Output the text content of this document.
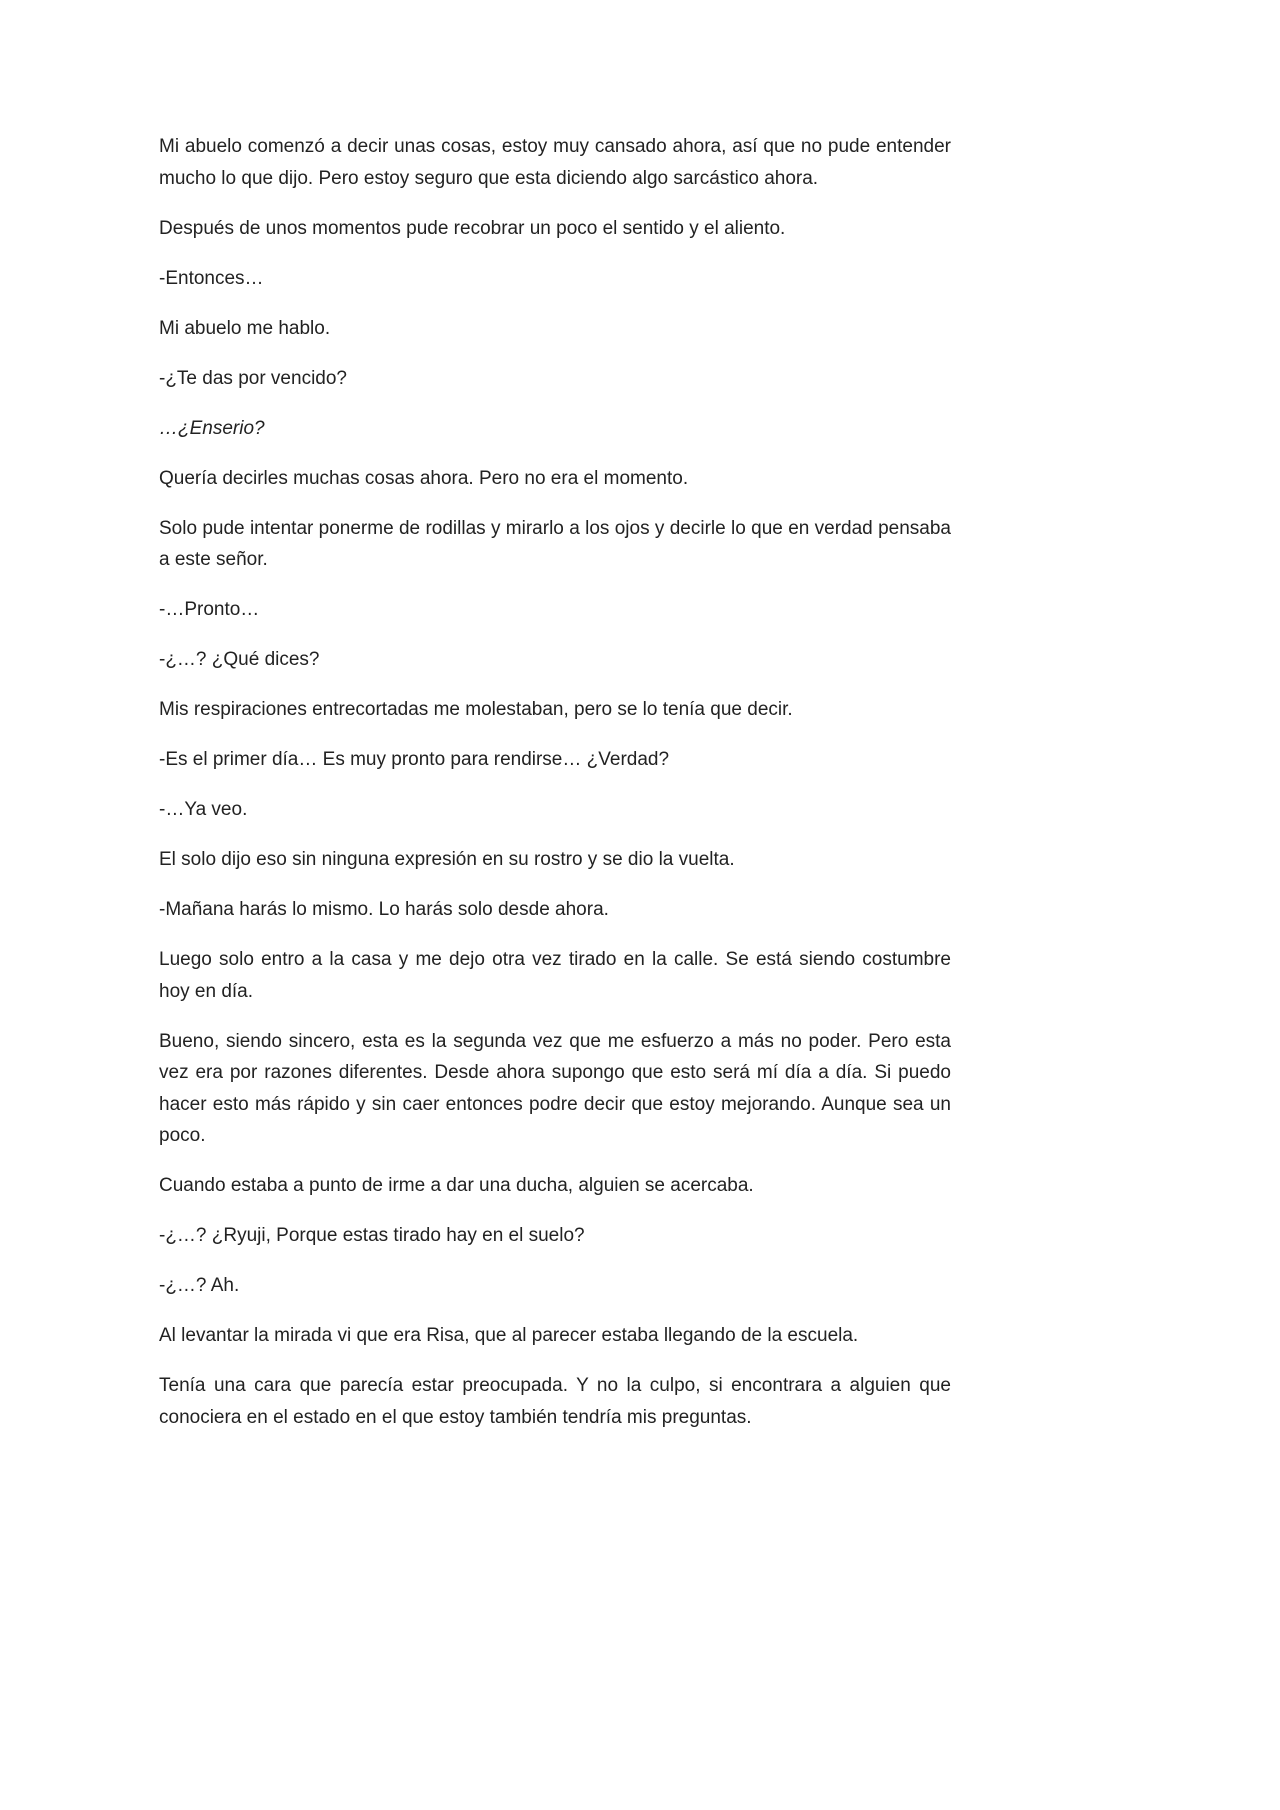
Mi abuelo comenzó a decir unas cosas, estoy muy cansado ahora, así que no pude entender mucho lo que dijo. Pero estoy seguro que esta diciendo algo sarcástico ahora.

Después de unos momentos pude recobrar un poco el sentido y el aliento.

-Entonces…

Mi abuelo me hablo.

-¿Te das por vencido?

…¿Enserio?

Quería decirles muchas cosas ahora. Pero no era el momento.

Solo pude intentar ponerme de rodillas y mirarlo a los ojos y decirle lo que en verdad pensaba a este señor.

-…Pronto…

-¿…? ¿Qué dices?

Mis respiraciones entrecortadas me molestaban, pero se lo tenía que decir.

-Es el primer día… Es muy pronto para rendirse… ¿Verdad?

-…Ya veo.

El solo dijo eso sin ninguna expresión en su rostro y se dio la vuelta.

-Mañana harás lo mismo. Lo harás solo desde ahora.

Luego solo entro a la casa y me dejo otra vez tirado en la calle. Se está siendo costumbre hoy en día.

Bueno, siendo sincero, esta es la segunda vez que me esfuerzo a más no poder. Pero esta vez era por razones diferentes. Desde ahora supongo que esto será mí día a día. Si puedo hacer esto más rápido y sin caer entonces podre decir que estoy mejorando. Aunque sea un poco.

Cuando estaba a punto de irme a dar una ducha, alguien se acercaba.

-¿…? ¿Ryuji, Porque estas tirado hay en el suelo?

-¿…? Ah.

Al levantar la mirada vi que era Risa, que al parecer estaba llegando de la escuela.

Tenía una cara que parecía estar preocupada. Y no la culpo, si encontrara a alguien que conociera en el estado en el que estoy también tendría mis preguntas.
